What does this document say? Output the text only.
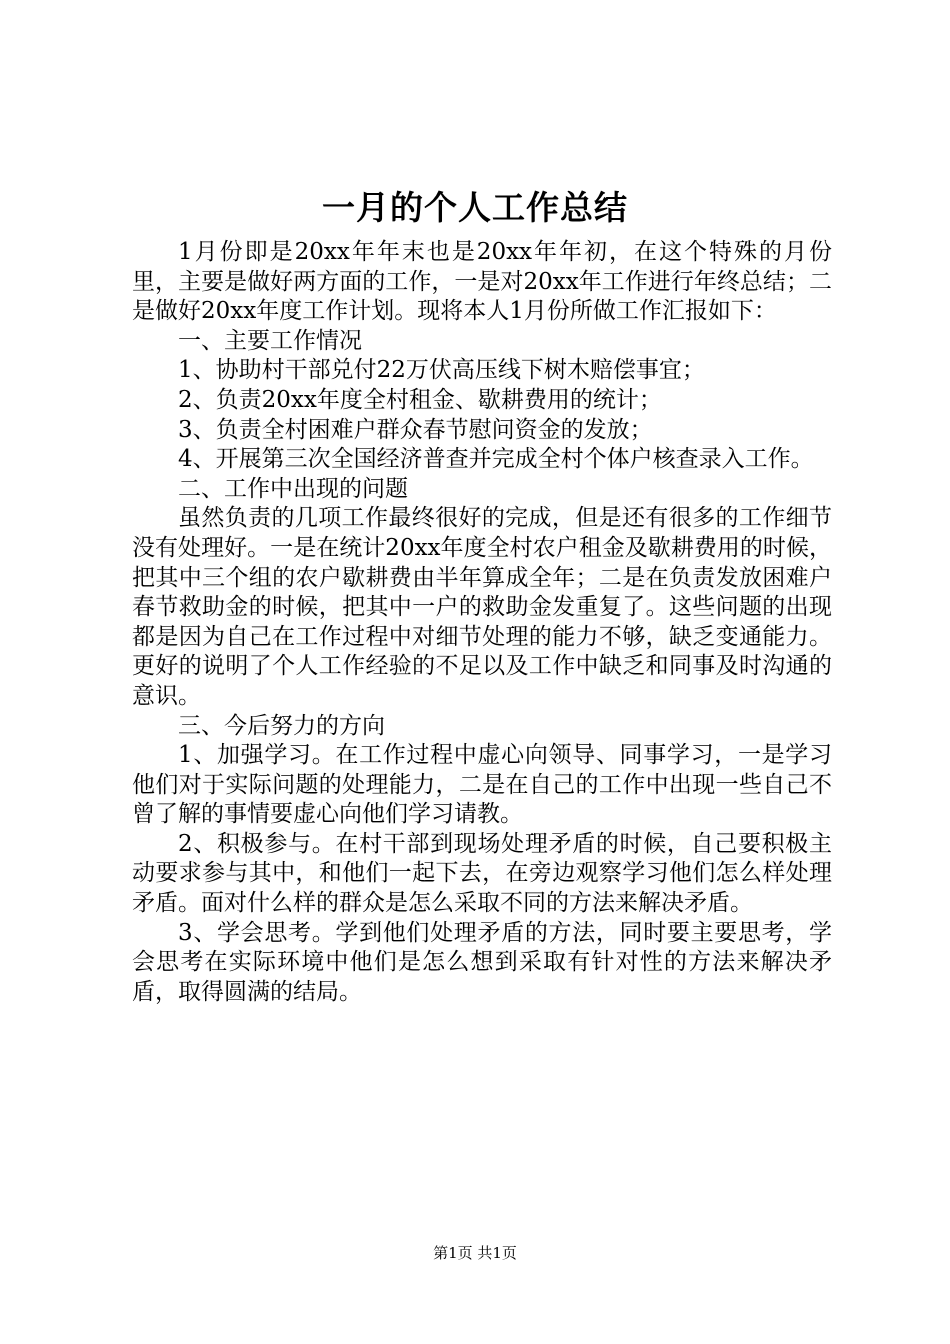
一月的个人工作总结

1月份即是20xx年年末也是20xx年年初，在这个特殊的月份里，主要是做好两方面的工作，一是对20xx年工作进行年终总结；二是做好20xx年度工作计划。现将本人1月份所做工作汇报如下：

一、主要工作情况

1、协助村干部兑付22万伏高压线下树木赔偿事宜；

2、负责20xx年度全村租金、歇耕费用的统计；

3、负责全村困难户群众春节慰问资金的发放；

4、开展第三次全国经济普查并完成全村个体户核查录入工作。

二、工作中出现的问题

虽然负责的几项工作最终很好的完成，但是还有很多的工作细节没有处理好。一是在统计20xx年度全村农户租金及歇耕费用的时候，把其中三个组的农户歇耕费由半年算成全年；二是在负责发放困难户春节救助金的时候，把其中一户的救助金发重复了。这些问题的出现都是因为自己在工作过程中对细节处理的能力不够，缺乏变通能力。更好的说明了个人工作经验的不足以及工作中缺乏和同事及时沟通的意识。

三、今后努力的方向

1、加强学习。在工作过程中虚心向领导、同事学习，一是学习他们对于实际问题的处理能力，二是在自己的工作中出现一些自己不曾了解的事情要虚心向他们学习请教。

2、积极参与。在村干部到现场处理矛盾的时候，自己要积极主动要求参与其中，和他们一起下去，在旁边观察学习他们怎么样处理矛盾。面对什么样的群众是怎么采取不同的方法来解决矛盾。

3、学会思考。学到他们处理矛盾的方法，同时要主要思考，学会思考在实际环境中他们是怎么想到采取有针对性的方法来解决矛盾，取得圆满的结局。

第1页 共1页
